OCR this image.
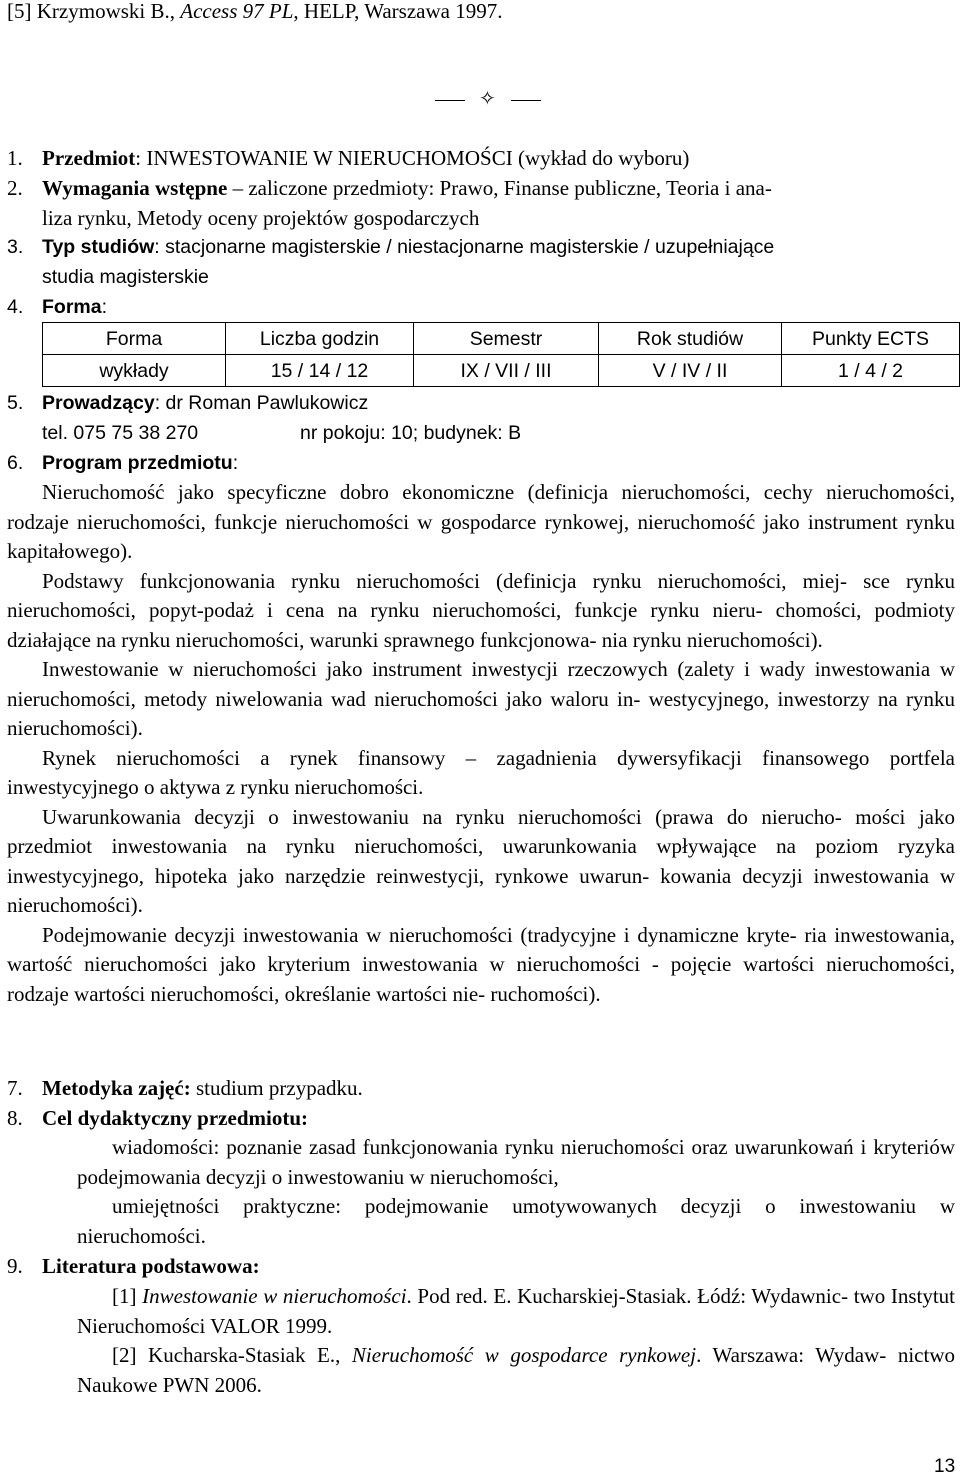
[5] Krzymowski B., Access 97 PL, HELP, Warszawa 1997.
✧
1. Przedmiot: INWESTOWANIE W NIERUCHOMOŚCI (wykład do wyboru)
2. Wymagania wstępne – zaliczone przedmioty: Prawo, Finanse publiczne, Teoria i ana-
liza rynku, Metody oceny projektów gospodarczych
3. Typ studiów: stacjonarne magisterskie / niestacjonarne magisterskie / uzupełniające
studia magisterskie
4. Forma:
Forma	Liczba godzin	Semestr	Rok studiów	Punkty ECTS
wykłady	15 / 14 / 12	IX / VII / III	V / IV / II	1 / 4 / 2
5. Prowadzący: dr Roman Pawlukowicz
tel. 075 75 38 270	nr pokoju: 10; budynek: B
6. Program przedmiotu:

Nieruchomość jako specyficzne dobro ekonomiczne (definicja nieruchomości, cechy nieruchomości, rodzaje nieruchomości, funkcje nieruchomości w gospodarce rynkowej, nieruchomość jako instrument rynku kapitałowego).

Podstawy funkcjonowania rynku nieruchomości (definicja rynku nieruchomości, miej- sce rynku nieruchomości, popyt-podaż i cena na rynku nieruchomości, funkcje rynku nieru- chomości, podmioty działające na rynku nieruchomości, warunki sprawnego funkcjonowa- nia rynku nieruchomości).

Inwestowanie w nieruchomości jako instrument inwestycji rzeczowych (zalety i wady inwestowania w nieruchomości, metody niwelowania wad nieruchomości jako waloru in- westycyjnego, inwestorzy na rynku nieruchomości).

Rynek nieruchomości a rynek finansowy – zagadnienia dywersyfikacji finansowego portfela inwestycyjnego o aktywa z rynku nieruchomości.

Uwarunkowania decyzji o inwestowaniu na rynku nieruchomości (prawa do nierucho- mości jako przedmiot inwestowania na rynku nieruchomości, uwarunkowania wpływające na poziom ryzyka inwestycyjnego, hipoteka jako narzędzie reinwestycji, rynkowe uwarun- kowania decyzji inwestowania w nieruchomości).

Podejmowanie decyzji inwestowania w nieruchomości (tradycyjne i dynamiczne kryte- ria inwestowania, wartość nieruchomości jako kryterium inwestowania w nieruchomości - pojęcie wartości nieruchomości, rodzaje wartości nieruchomości, określanie wartości nie- ruchomości).

7. Metodyka zajęć: studium przypadku.
8. Cel dydaktyczny przedmiotu:

wiadomości: poznanie zasad funkcjonowania rynku nieruchomości oraz uwarunkowań i kryteriów podejmowania decyzji o inwestowaniu w nieruchomości,

umiejętności praktyczne: podejmowanie umotywowanych decyzji o inwestowaniu w nieruchomości.

9. Literatura podstawowa:

[1] Inwestowanie w nieruchomości. Pod red. E. Kucharskiej-Stasiak. Łódź: Wydawnic- two Instytut Nieruchomości VALOR 1999.

[2] Kucharska-Stasiak E., Nieruchomość w gospodarce rynkowej. Warszawa: Wydaw- nictwo Naukowe PWN 2006.

13
